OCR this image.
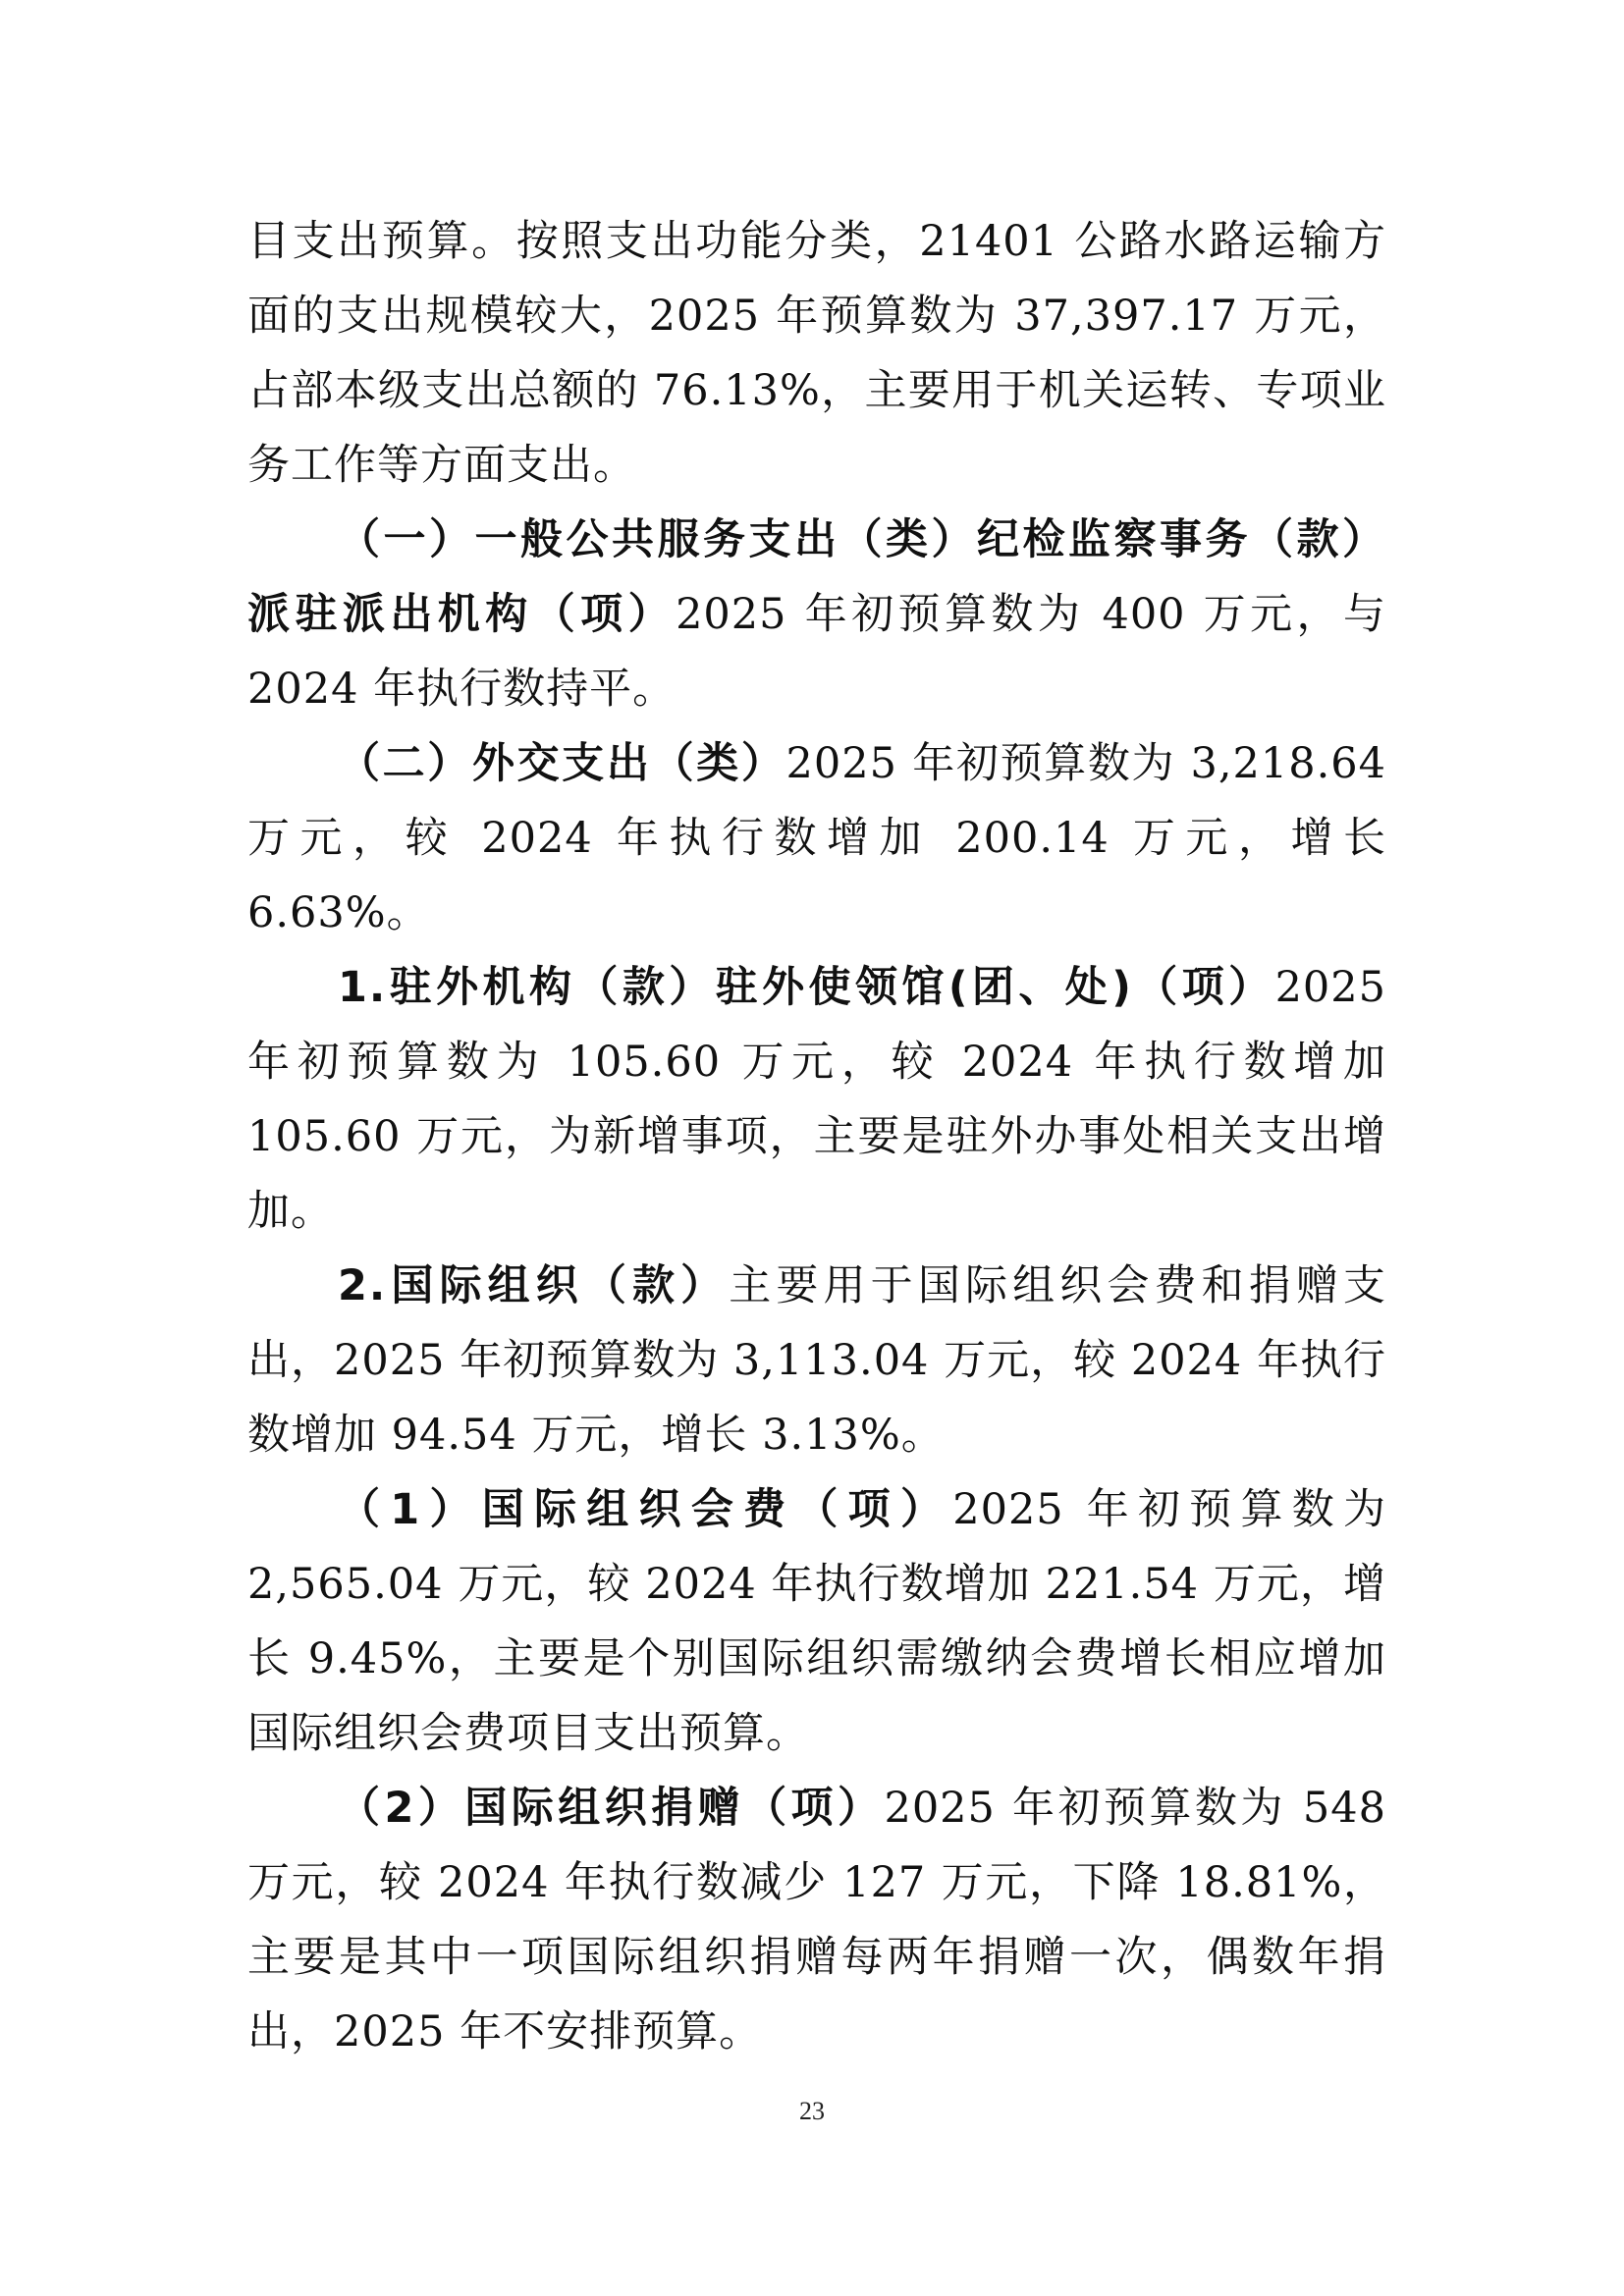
目支出预算。按照支出功能分类，21401 公路水路运输方面的支出规模较大，2025 年预算数为 37,397.17 万元，占部本级支出总额的 76.13%，主要用于机关运转、专项业务工作等方面支出。

（一）一般公共服务支出（类）纪检监察事务（款）派驻派出机构（项）2025 年初预算数为 400 万元，与 2024 年执行数持平。

（二）外交支出（类）2025 年初预算数为 3,218.64 万元，较 2024 年执行数增加 200.14 万元，增长 6.63%。

1.驻外机构（款）驻外使领馆(团、处)（项）2025 年初预算数为 105.60 万元，较 2024 年执行数增加 105.60 万元，为新增事项，主要是驻外办事处相关支出增加。

2.国际组织（款）主要用于国际组织会费和捐赠支出，2025 年初预算数为 3,113.04 万元，较 2024 年执行数增加 94.54 万元，增长 3.13%。

（1）国际组织会费（项）2025 年初预算数为 2,565.04 万元，较 2024 年执行数增加 221.54 万元，增长 9.45%，主要是个别国际组织需缴纳会费增长相应增加国际组织会费项目支出预算。

（2）国际组织捐赠（项）2025 年初预算数为 548 万元，较 2024 年执行数减少 127 万元，下降 18.81%，主要是其中一项国际组织捐赠每两年捐赠一次，偶数年捐出，2025 年不安排预算。

23
